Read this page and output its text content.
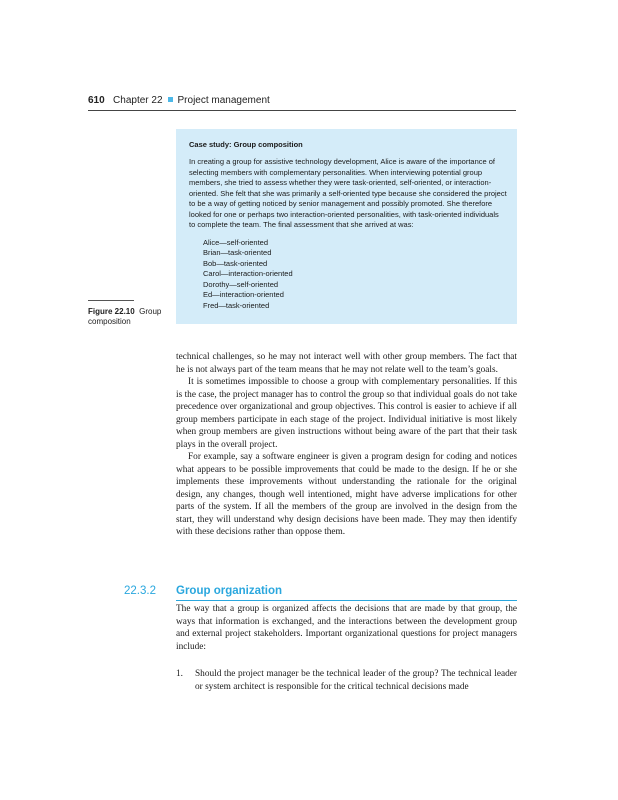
610 Chapter 22 Project management
Figure 22.10 Group composition
Case study: Group composition

In creating a group for assistive technology development, Alice is aware of the importance of selecting members with complementary personalities. When interviewing potential group members, she tried to assess whether they were task-oriented, self-oriented, or interaction-oriented. She felt that she was primarily a self-oriented type because she considered the project to be a way of getting noticed by senior management and possibly promoted. She therefore looked for one or perhaps two interaction-oriented personalities, with task-oriented individuals to complete the team. The final assessment that she arrived at was:

Alice—self-oriented
Brian—task-oriented
Bob—task-oriented
Carol—interaction-oriented
Dorothy—self-oriented
Ed—interaction-oriented
Fred—task-oriented

technical challenges, so he may not interact well with other group members. The fact that he is not always part of the team means that he may not relate well to the team’s goals.

It is sometimes impossible to choose a group with complementary personalities. If this is the case, the project manager has to control the group so that individual goals do not take precedence over organizational and group objectives. This control is easier to achieve if all group members participate in each stage of the project. Individual initiative is most likely when group members are given instructions without being aware of the part that their task plays in the overall project.

For example, say a software engineer is given a program design for coding and notices what appears to be possible improvements that could be made to the design. If he or she implements these improvements without understanding the rationale for the original design, any changes, though well intentioned, might have adverse implications for other parts of the system. If all the members of the group are involved in the design from the start, they will understand why design decisions have been made. They may then identify with these decisions rather than oppose them.

22.3.2	Group organization

The way that a group is organized affects the decisions that are made by that group, the ways that information is exchanged, and the interactions between the development group and external project stakeholders. Important organizational questions for project managers include:

1. Should the project manager be the technical leader of the group? The technical leader or system architect is responsible for the critical technical decisions made
